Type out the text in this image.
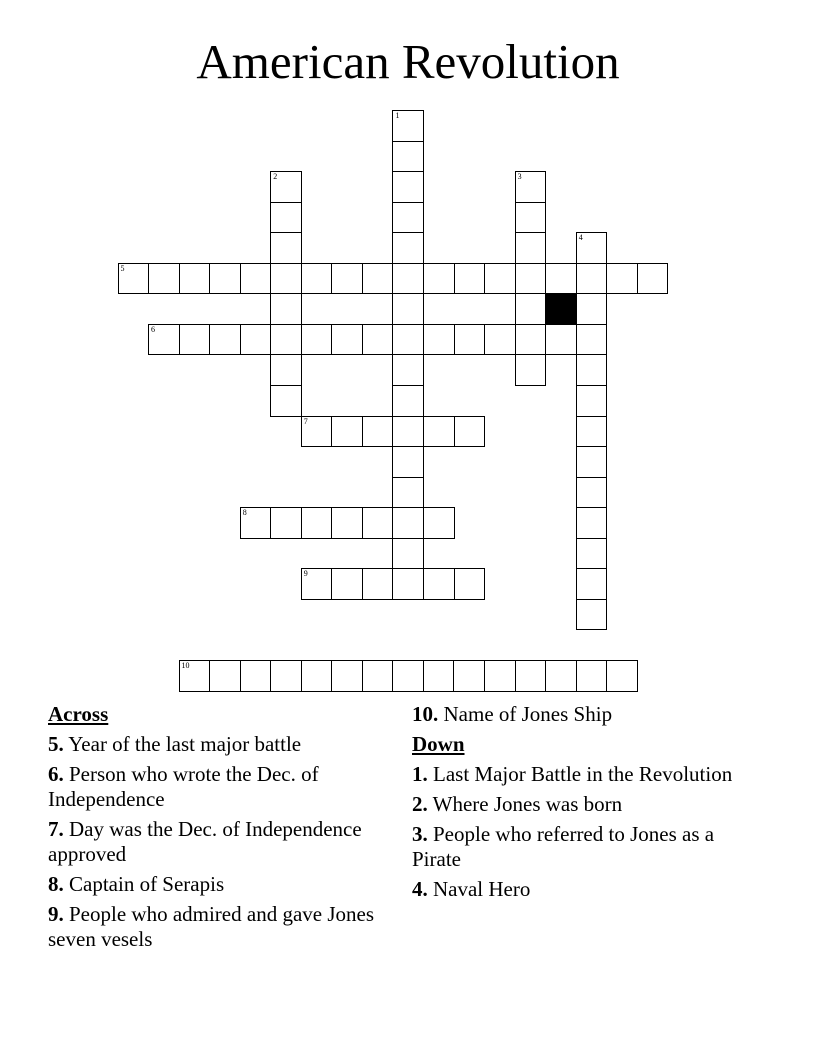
American Revolution
1
2	3
4
5
6
7
8
9
10
Across
5. Year of the last major battle
6. Person who wrote the Dec. of Independence
7. Day was the Dec. of Independence approved
8. Captain of Serapis
9. People who admired and gave Jones seven vesels
10. Name of Jones Ship
Down
1. Last Major Battle in the Revolution
2. Where Jones was born
3. People who referred to Jones as a Pirate
4. Naval Hero
